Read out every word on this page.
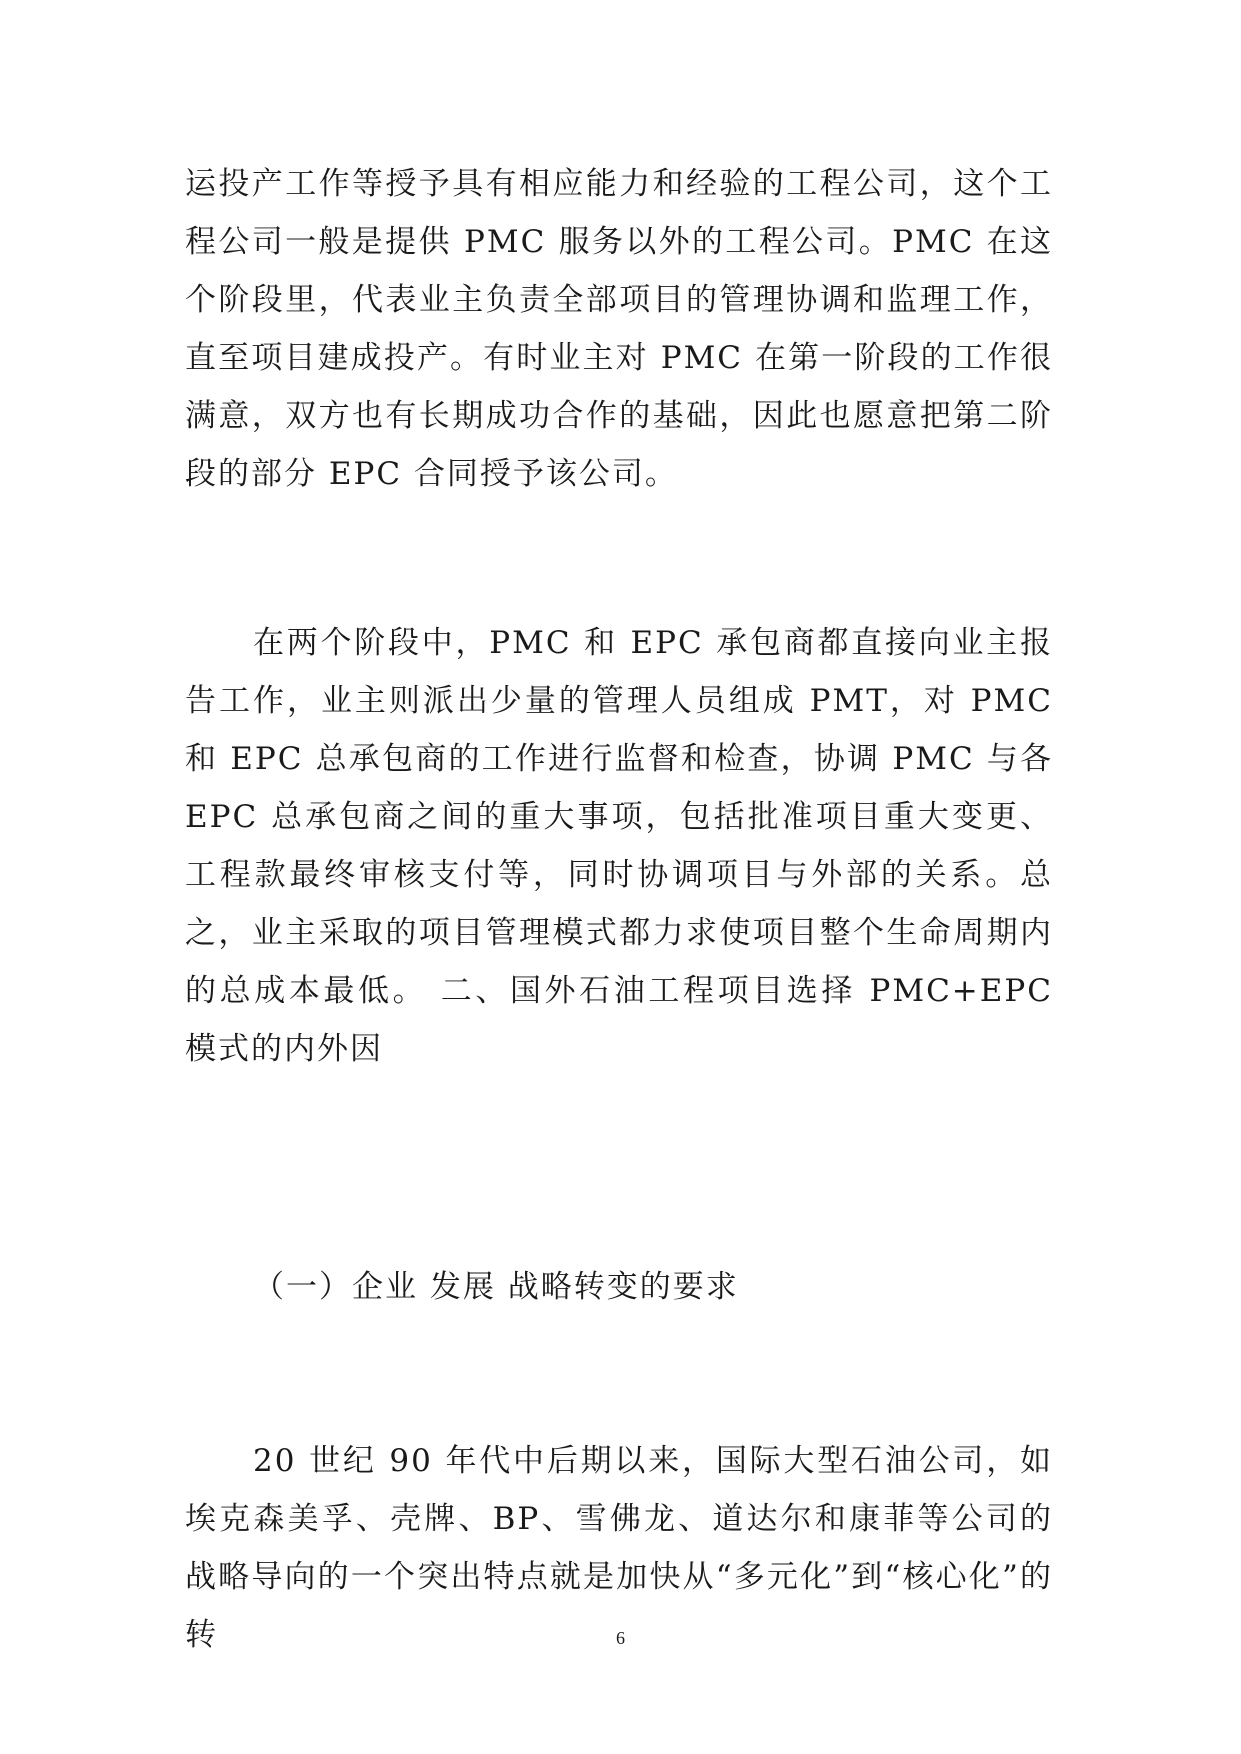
运投产工作等授予具有相应能力和经验的工程公司，这个工程公司一般是提供 PMC 服务以外的工程公司。PMC 在这个阶段里，代表业主负责全部项目的管理协调和监理工作，直至项目建成投产。有时业主对 PMC 在第一阶段的工作很满意，双方也有长期成功合作的基础，因此也愿意把第二阶段的部分 EPC 合同授予该公司。

在两个阶段中，PMC 和 EPC 承包商都直接向业主报告工作，业主则派出少量的管理人员组成 PMT，对 PMC 和 EPC 总承包商的工作进行监督和检查，协调 PMC 与各 EPC 总承包商之间的重大事项，包括批准项目重大变更、工程款最终审核支付等，同时协调项目与外部的关系。总之，业主采取的项目管理模式都力求使项目整个生命周期内的总成本最低。 二、国外石油工程项目选择 PMC+EPC 模式的内外因

（一）企业 发展 战略转变的要求

20 世纪 90 年代中后期以来，国际大型石油公司，如埃克森美孚、壳牌、BP、雪佛龙、道达尔和康菲等公司的战略导向的一个突出特点就是加快从“多元化”到“核心化”的转	6
